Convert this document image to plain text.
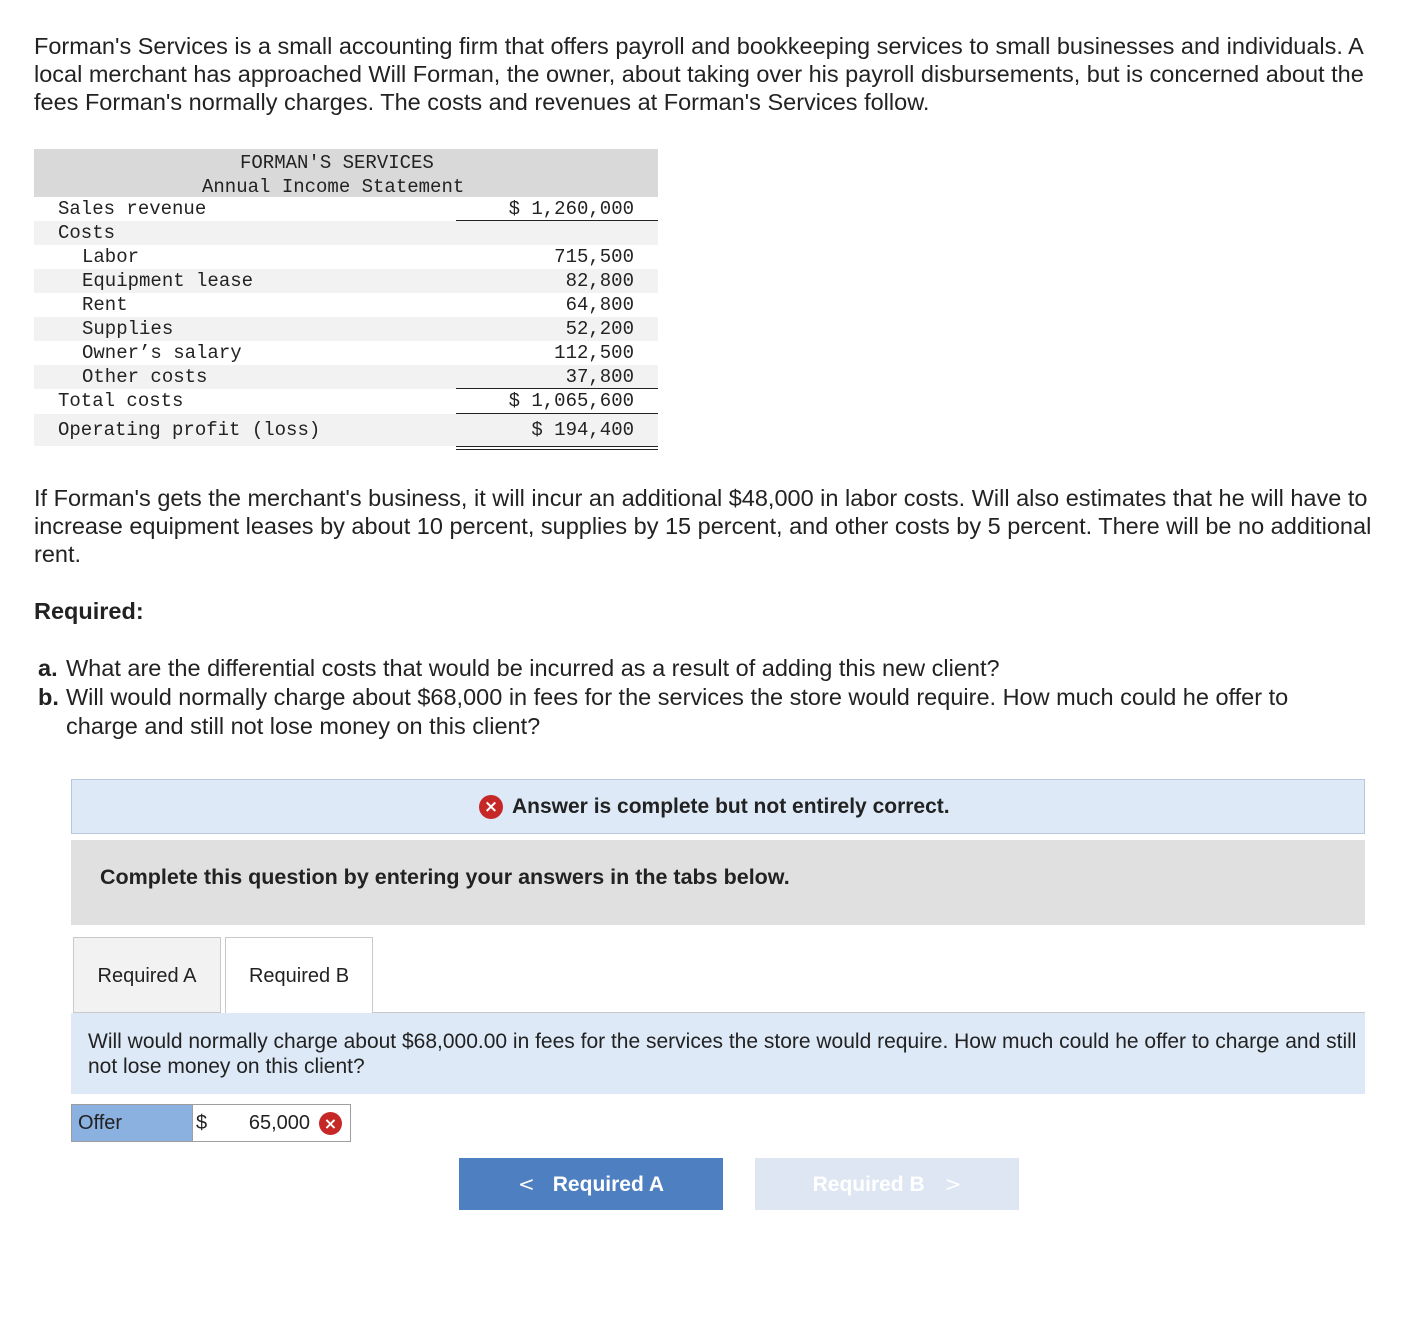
Forman's Services is a small accounting firm that offers payroll and bookkeeping services to small businesses and individuals. A local merchant has approached Will Forman, the owner, about taking over his payroll disbursements, but is concerned about the fees Forman's normally charges. The costs and revenues at Forman's Services follow.
FORMAN'S SERVICES
Annual Income Statement
Sales revenue	$ 1,260,000
Costs
Labor	715,500
Equipment lease	82,800
Rent	64,800
Supplies	52,200
Owner’s salary	112,500
Other costs	37,800
Total costs	$ 1,065,600
Operating profit (loss)	$ 194,400
If Forman's gets the merchant's business, it will incur an additional $48,000 in labor costs. Will also estimates that he will have to increase equipment leases by about 10 percent, supplies by 15 percent, and other costs by 5 percent. There will be no additional rent.
Required:
a. What are the differential costs that would be incurred as a result of adding this new client?
b. Will would normally charge about $68,000 in fees for the services the store would require. How much could he offer to charge and still not lose money on this client?
× Answer is complete but not entirely correct.
Complete this question by entering your answers in the tabs below.
Required A	Required B
Will would normally charge about $68,000.00 in fees for the services the store would require. How much could he offer to charge and still not lose money on this client?
Offer	$ 65,000 ×
< Required A	Required B >
